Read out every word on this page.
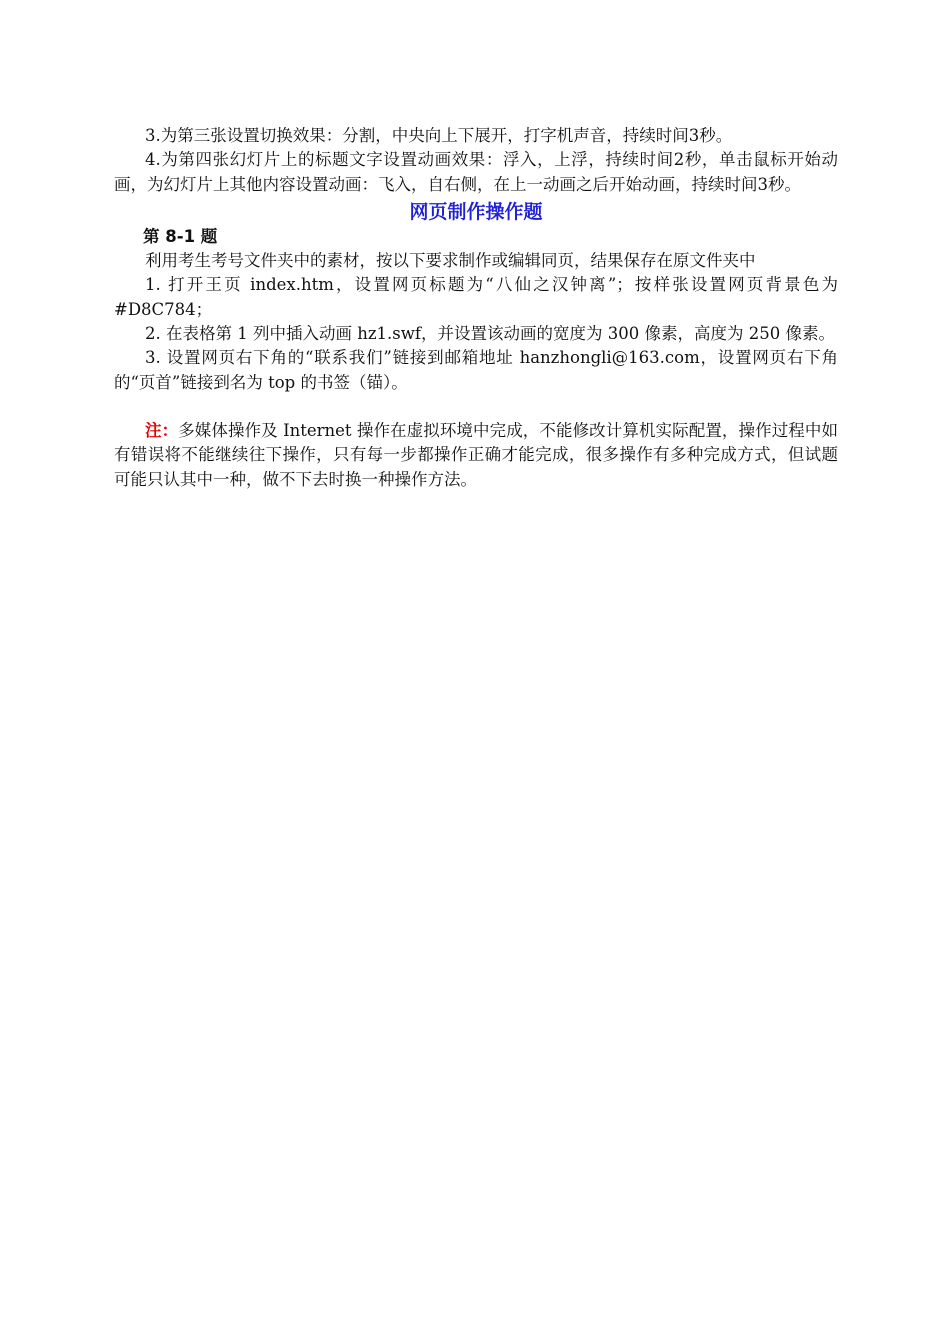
3.为第三张设置切换效果：分割，中央向上下展开，打字机声音，持续时间3秒。

4.为第四张幻灯片上的标题文字设置动画效果：浮入，上浮，持续时间2秒，单击鼠标开始动画，为幻灯片上其他内容设置动画：飞入，自右侧，在上一动画之后开始动画，持续时间3秒。

网页制作操作题
第 8-1 题

利用考生考号文件夹中的素材，按以下要求制作或编辑同页，结果保存在原文件夹中

1. 打开王页 index.htm，设置网页标题为“八仙之汉钟离”；按样张设置网页背景色为#D8C784；

2. 在表格第 1 列中插入动画 hz1.swf，并设置该动画的宽度为 300 像素，高度为 250 像素。

3. 设置网页右下角的“联系我们”链接到邮箱地址 hanzhongli@163.com，设置网页右下角的“页首”链接到名为 top 的书签（锚）。

注：多媒体操作及 Internet 操作在虚拟环境中完成，不能修改计算机实际配置，操作过程中如有错误将不能继续往下操作，只有每一步都操作正确才能完成，很多操作有多种完成方式，但试题可能只认其中一种，做不下去时换一种操作方法。
